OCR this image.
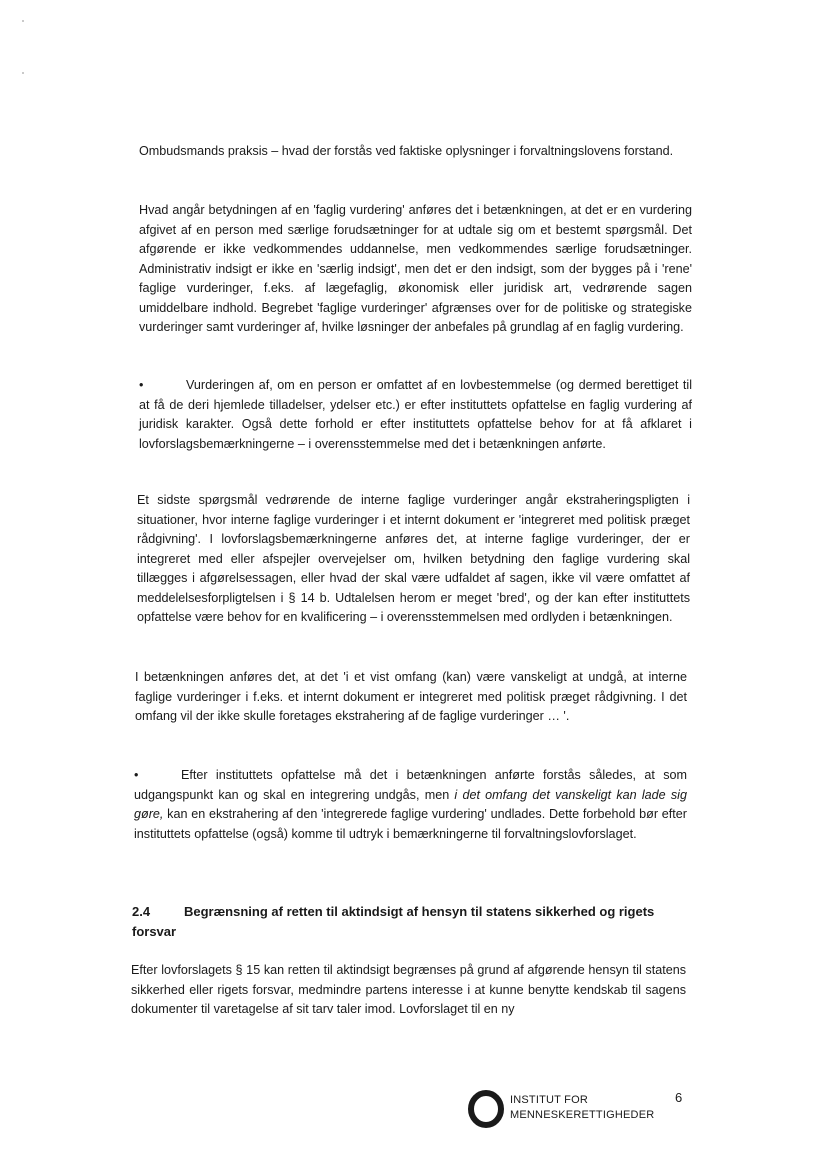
Ombudsmands praksis – hvad der forstås ved faktiske oplysninger i forvaltningslovens forstand.
Hvad angår betydningen af en 'faglig vurdering' anføres det i betænkningen, at det er en vurdering afgivet af en person med særlige forudsætninger for at udtale sig om et bestemt spørgsmål. Det afgørende er ikke vedkommendes uddannelse, men vedkommendes særlige forudsætninger. Administrativ indsigt er ikke en 'særlig indsigt', men det er den indsigt, som der bygges på i 'rene' faglige vurderinger, f.eks. af lægefaglig, økonomisk eller juridisk art, vedrørende sagen umiddelbare indhold. Begrebet 'faglige vurderinger' afgrænses over for de politiske og strategiske vurderinger samt vurderinger af, hvilke løsninger der anbefales på grundlag af en faglig vurdering.
•	Vurderingen af, om en person er omfattet af en lovbestemmelse (og dermed berettiget til at få de deri hjemlede tilladelser, ydelser etc.) er efter instituttets opfattelse en faglig vurdering af juridisk karakter. Også dette forhold er efter instituttets opfattelse behov for at få afklaret i lovforslagsbemærkningerne – i overensstemmelse med det i betænkningen anførte.
Et sidste spørgsmål vedrørende de interne faglige vurderinger angår ekstraheringspligten i situationer, hvor interne faglige vurderinger i et internt dokument er 'integreret med politisk præget rådgivning'. I lovforslagsbemærkningerne anføres det, at interne faglige vurderinger, der er integreret med eller afspejler overvejelser om, hvilken betydning den faglige vurdering skal tillægges i afgørelsessagen, eller hvad der skal være udfaldet af sagen, ikke vil være omfattet af meddelelsesforpligtelsen i § 14 b. Udtalelsen herom er meget 'bred', og der kan efter instituttets opfattelse være behov for en kvalificering – i overensstemmelsen med ordlyden i betænkningen.
I betænkningen anføres det, at det 'i et vist omfang (kan) være vanskeligt at undgå, at interne faglige vurderinger i f.eks. et internt dokument er integreret med politisk præget rådgivning. I det omfang vil der ikke skulle foretages ekstrahering af de faglige vurderinger … '.
•	Efter instituttets opfattelse må det i betænkningen anførte forstås således, at som udgangspunkt kan og skal en integrering undgås, men i det omfang det vanskeligt kan lade sig gøre, kan en ekstrahering af den 'integrerede faglige vurdering' undlades. Dette forbehold bør efter instituttets opfattelse (også) komme til udtryk i bemærkningerne til forvaltningslovforslaget.
2.4	Begrænsning af retten til aktindsigt af hensyn til statens sikkerhed og rigets forsvar
Efter lovforslagets § 15 kan retten til aktindsigt begrænses på grund af afgørende hensyn til statens sikkerhed eller rigets forsvar, medmindre partens interesse i at kunne benytte kendskab til sagens dokumenter til varetagelse af sit tarv taler imod. Lovforslaget til en ny
INSTITUT FOR
MENNESKERETTIGHEDER
6
